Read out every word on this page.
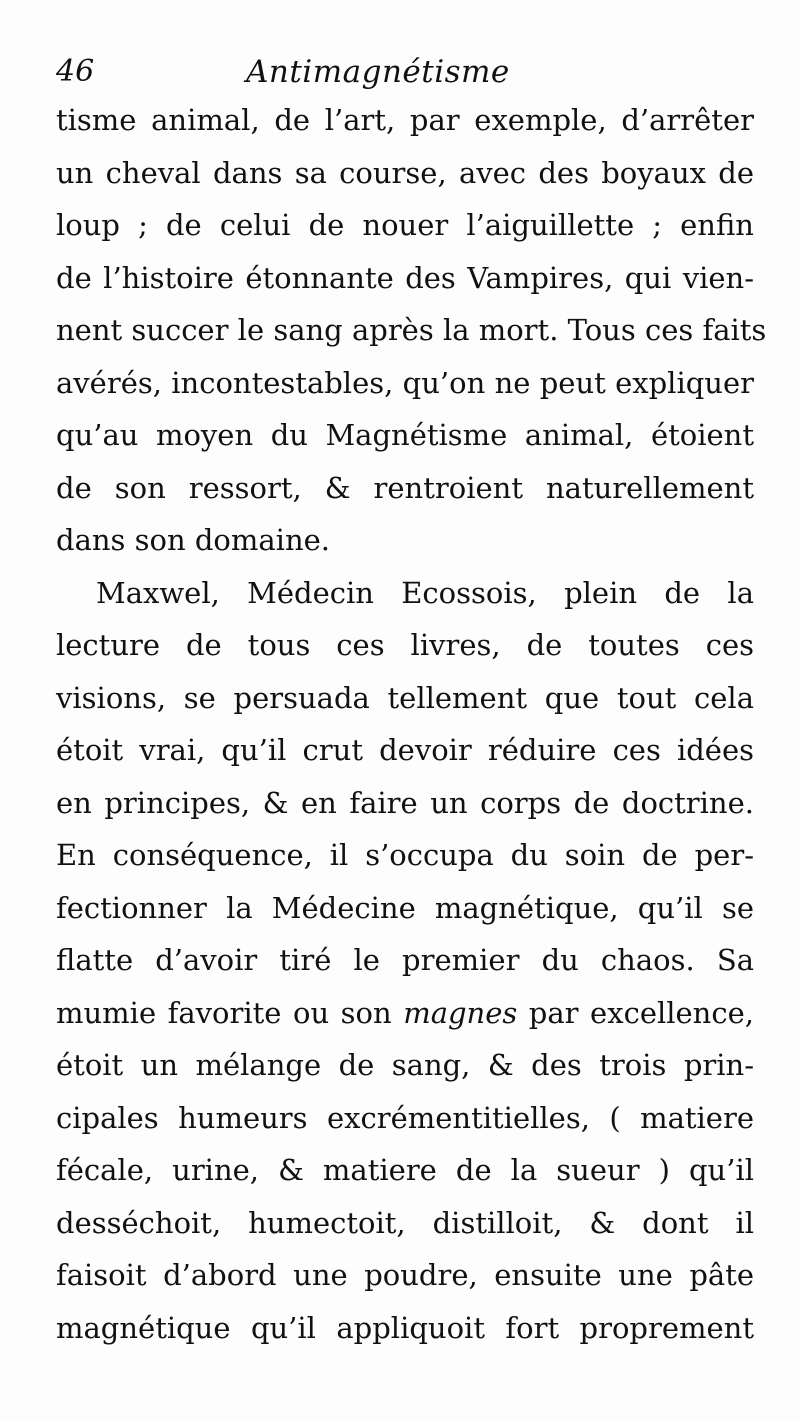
46	Antimagnétisme
tisme animal, de l’art, par exemple, d’arrêter
un cheval dans sa course, avec des boyaux de
loup ; de celui de nouer l’aiguillette ; enfin
de l’histoire étonnante des Vampires, qui vien-
nent succer le sang après la mort. Tous ces faits
avérés, incontestables, qu’on ne peut expliquer
qu’au moyen du Magnétisme animal, étoient
de son ressort, & rentroient naturellement
dans son domaine.
Maxwel, Médecin Ecossois, plein de la
lecture de tous ces livres, de toutes ces
visions, se persuada tellement que tout cela
étoit vrai, qu’il crut devoir réduire ces idées
en principes, & en faire un corps de doctrine.
En conséquence, il s’occupa du soin de per-
fectionner la Médecine magnétique, qu’il se
flatte d’avoir tiré le premier du chaos. Sa
mumie favorite ou son magnes par excellence,
étoit un mélange de sang, & des trois prin-
cipales humeurs excrémentitielles, ( matiere
fécale, urine, & matiere de la sueur ) qu’il
desséchoit, humectoit, distilloit, & dont il
faisoit d’abord une poudre, ensuite une pâte
magnétique qu’il appliquoit fort proprement
